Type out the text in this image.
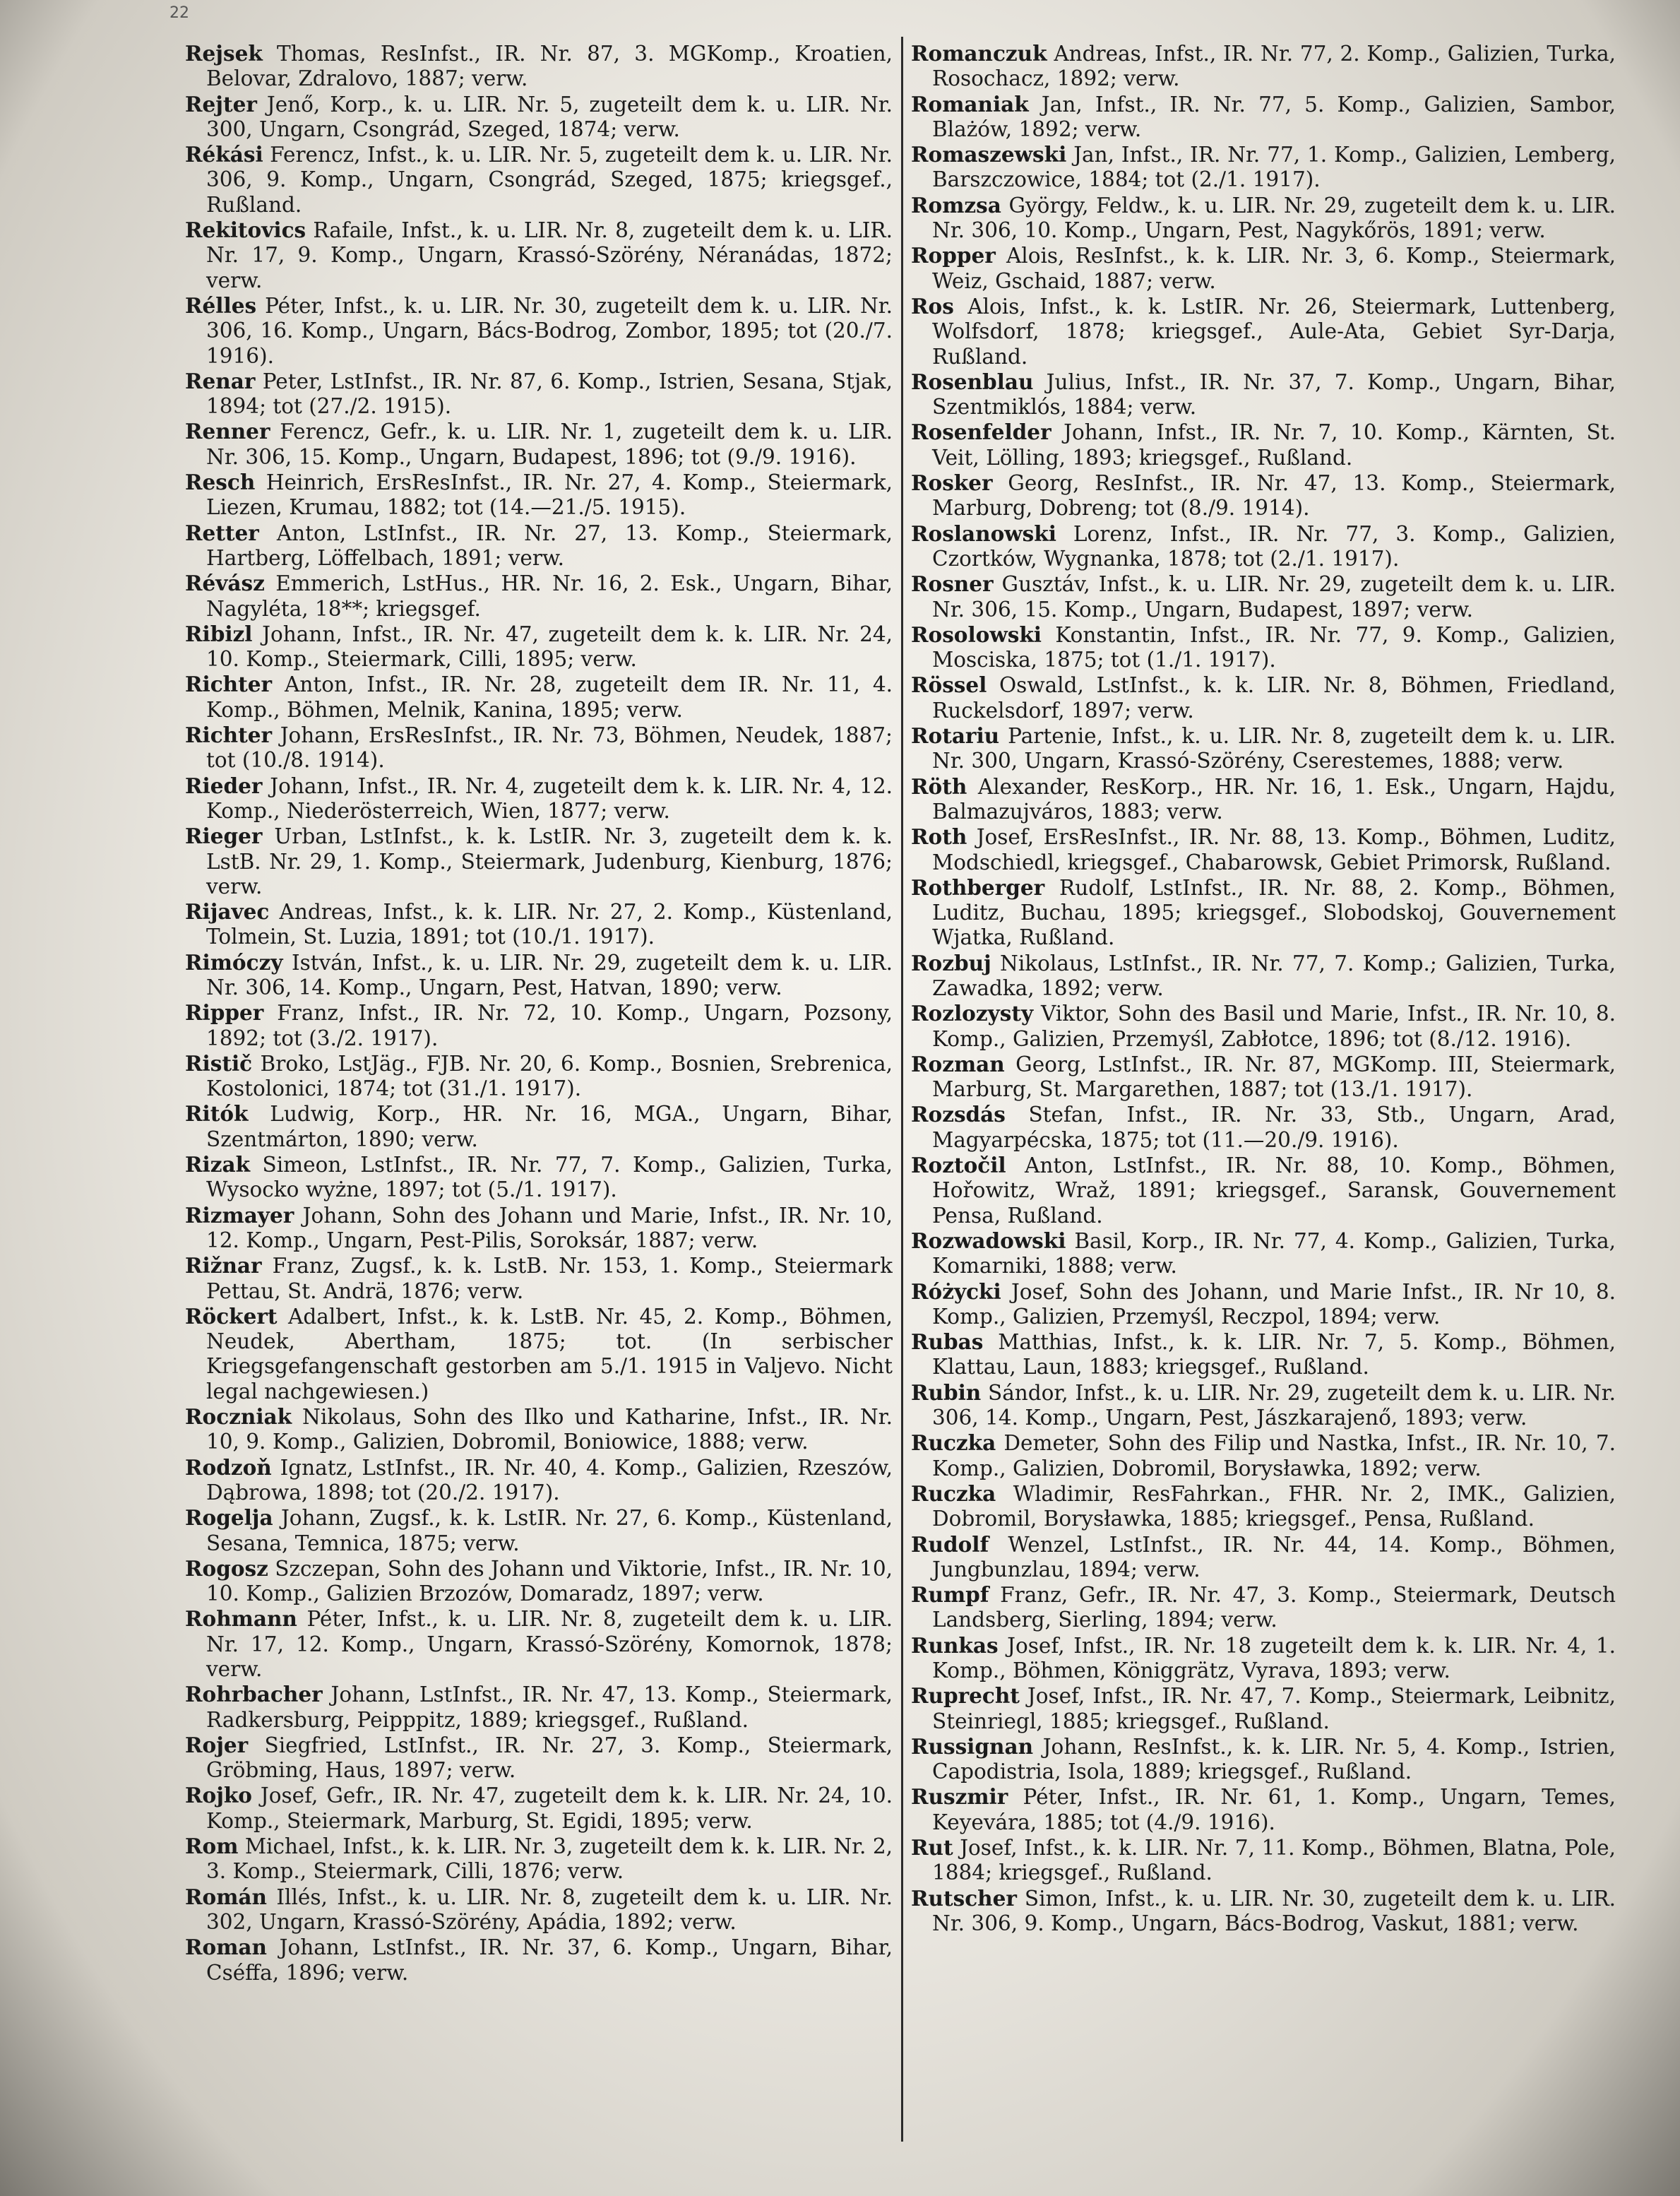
22

Rejsek Thomas, ResInfst., IR. Nr. 87, 3. MGKomp., Kroatien, Belovar, Zdralovo, 1887; verw.

Rejter Jenő, Korp., k. u. LIR. Nr. 5, zugeteilt dem k. u. LIR. Nr. 300, Ungarn, Csongrád, Szeged, 1874; verw.

Rékási Ferencz, Infst., k. u. LIR. Nr. 5, zugeteilt dem k. u. LIR. Nr. 306, 9. Komp., Ungarn, Csongrád, Szeged, 1875; kriegsgef., Rußland.

Rekitovics Rafaile, Infst., k. u. LIR. Nr. 8, zugeteilt dem k. u. LIR. Nr. 17, 9. Komp., Ungarn, Krassó-Szörény, Néranádas, 1872; verw.

Rélles Péter, Infst., k. u. LIR. Nr. 30, zugeteilt dem k. u. LIR. Nr. 306, 16. Komp., Ungarn, Bács-Bodrog, Zombor, 1895; tot (20./7. 1916).

Renar Peter, LstInfst., IR. Nr. 87, 6. Komp., Istrien, Sesana, Stjak, 1894; tot (27./2. 1915).

Renner Ferencz, Gefr., k. u. LIR. Nr. 1, zugeteilt dem k. u. LIR. Nr. 306, 15. Komp., Ungarn, Budapest, 1896; tot (9./9. 1916).

Resch Heinrich, ErsResInfst., IR. Nr. 27, 4. Komp., Steiermark, Liezen, Krumau, 1882; tot (14.—21./5. 1915).

Retter Anton, LstInfst., IR. Nr. 27, 13. Komp., Steiermark, Hartberg, Löffelbach, 1891; verw.

Révász Emmerich, LstHus., HR. Nr. 16, 2. Esk., Ungarn, Bihar, Nagyléta, 18**; kriegsgef.

Ribizl Johann, Infst., IR. Nr. 47, zugeteilt dem k. k. LIR. Nr. 24, 10. Komp., Steiermark, Cilli, 1895; verw.

Richter Anton, Infst., IR. Nr. 28, zugeteilt dem IR. Nr. 11, 4. Komp., Böhmen, Melnik, Kanina, 1895; verw.

Richter Johann, ErsResInfst., IR. Nr. 73, Böhmen, Neudek, 1887; tot (10./8. 1914).

Rieder Johann, Infst., IR. Nr. 4, zugeteilt dem k. k. LIR. Nr. 4, 12. Komp., Niederösterreich, Wien, 1877; verw.

Rieger Urban, LstInfst., k. k. LstIR. Nr. 3, zugeteilt dem k. k. LstB. Nr. 29, 1. Komp., Steiermark, Judenburg, Kienburg, 1876; verw.

Rijavec Andreas, Infst., k. k. LIR. Nr. 27, 2. Komp., Küstenland, Tolmein, St. Luzia, 1891; tot (10./1. 1917).

Rimóczy István, Infst., k. u. LIR. Nr. 29, zugeteilt dem k. u. LIR. Nr. 306, 14. Komp., Ungarn, Pest, Hatvan, 1890; verw.

Ripper Franz, Infst., IR. Nr. 72, 10. Komp., Ungarn, Pozsony, 1892; tot (3./2. 1917).

Ristič Broko, LstJäg., FJB. Nr. 20, 6. Komp., Bosnien, Srebrenica, Kostolonici, 1874; tot (31./1. 1917).

Ritók Ludwig, Korp., HR. Nr. 16, MGA., Ungarn, Bihar, Szentmárton, 1890; verw.

Rizak Simeon, LstInfst., IR. Nr. 77, 7. Komp., Galizien, Turka, Wysocko wyżne, 1897; tot (5./1. 1917).

Rizmayer Johann, Sohn des Johann und Marie, Infst., IR. Nr. 10, 12. Komp., Ungarn, Pest-Pilis, Soroksár, 1887; verw.

Rižnar Franz, Zugsf., k. k. LstB. Nr. 153, 1. Komp., Steiermark Pettau, St. Andrä, 1876; verw.

Röckert Adalbert, Infst., k. k. LstB. Nr. 45, 2. Komp., Böhmen, Neudek, Abertham, 1875; tot. (In serbischer Kriegsgefangenschaft gestorben am 5./1. 1915 in Valjevo. Nicht legal nachgewiesen.)

Roczniak Nikolaus, Sohn des Ilko und Katharine, Infst., IR. Nr. 10, 9. Komp., Galizien, Dobromil, Boniowice, 1888; verw.

Rodzoň Ignatz, LstInfst., IR. Nr. 40, 4. Komp., Galizien, Rzeszów, Dąbrowa, 1898; tot (20./2. 1917).

Rogelja Johann, Zugsf., k. k. LstIR. Nr. 27, 6. Komp., Küstenland, Sesana, Temnica, 1875; verw.

Rogosz Szczepan, Sohn des Johann und Viktorie, Infst., IR. Nr. 10, 10. Komp., Galizien Brzozów, Domaradz, 1897; verw.

Rohmann Péter, Infst., k. u. LIR. Nr. 8, zugeteilt dem k. u. LIR. Nr. 17, 12. Komp., Ungarn, Krassó-Szörény, Komornok, 1878; verw.

Rohrbacher Johann, LstInfst., IR. Nr. 47, 13. Komp., Steiermark, Radkersburg, Peipppitz, 1889; kriegsgef., Rußland.

Rojer Siegfried, LstInfst., IR. Nr. 27, 3. Komp., Steiermark, Gröbming, Haus, 1897; verw.

Rojko Josef, Gefr., IR. Nr. 47, zugeteilt dem k. k. LIR. Nr. 24, 10. Komp., Steiermark, Marburg, St. Egidi, 1895; verw.

Rom Michael, Infst., k. k. LIR. Nr. 3, zugeteilt dem k. k. LIR. Nr. 2, 3. Komp., Steiermark, Cilli, 1876; verw.

Román Illés, Infst., k. u. LIR. Nr. 8, zugeteilt dem k. u. LIR. Nr. 302, Ungarn, Krassó-Szörény, Apádia, 1892; verw.

Roman Johann, LstInfst., IR. Nr. 37, 6. Komp., Ungarn, Bihar, Cséffa, 1896; verw.

Romanczuk Andreas, Infst., IR. Nr. 77, 2. Komp., Galizien, Turka, Rosochacz, 1892; verw.

Romaniak Jan, Infst., IR. Nr. 77, 5. Komp., Galizien, Sambor, Blażów, 1892; verw.

Romaszewski Jan, Infst., IR. Nr. 77, 1. Komp., Galizien, Lemberg, Barszczowice, 1884; tot (2./1. 1917).

Romzsa György, Feldw., k. u. LIR. Nr. 29, zugeteilt dem k. u. LIR. Nr. 306, 10. Komp., Ungarn, Pest, Nagykőrös, 1891; verw.

Ropper Alois, ResInfst., k. k. LIR. Nr. 3, 6. Komp., Steiermark, Weiz, Gschaid, 1887; verw.

Ros Alois, Infst., k. k. LstIR. Nr. 26, Steiermark, Luttenberg, Wolfsdorf, 1878; kriegsgef., Aule-Ata, Gebiet Syr-Darja, Rußland.

Rosenblau Julius, Infst., IR. Nr. 37, 7. Komp., Ungarn, Bihar, Szentmiklós, 1884; verw.

Rosenfelder Johann, Infst., IR. Nr. 7, 10. Komp., Kärnten, St. Veit, Lölling, 1893; kriegsgef., Rußland.

Rosker Georg, ResInfst., IR. Nr. 47, 13. Komp., Steiermark, Marburg, Dobreng; tot (8./9. 1914).

Roslanowski Lorenz, Infst., IR. Nr. 77, 3. Komp., Galizien, Czortków, Wygnanka, 1878; tot (2./1. 1917).

Rosner Gusztáv, Infst., k. u. LIR. Nr. 29, zugeteilt dem k. u. LIR. Nr. 306, 15. Komp., Ungarn, Budapest, 1897; verw.

Rosolowski Konstantin, Infst., IR. Nr. 77, 9. Komp., Galizien, Mosciska, 1875; tot (1./1. 1917).

Rössel Oswald, LstInfst., k. k. LIR. Nr. 8, Böhmen, Friedland, Ruckelsdorf, 1897; verw.

Rotariu Partenie, Infst., k. u. LIR. Nr. 8, zugeteilt dem k. u. LIR. Nr. 300, Ungarn, Krassó-Szörény, Cserestemes, 1888; verw.

Röth Alexander, ResKorp., HR. Nr. 16, 1. Esk., Ungarn, Hajdu, Balmazujváros, 1883; verw.

Roth Josef, ErsResInfst., IR. Nr. 88, 13. Komp., Böhmen, Luditz, Modschiedl, kriegsgef., Chabarowsk, Gebiet Primorsk, Rußland.

Rothberger Rudolf, LstInfst., IR. Nr. 88, 2. Komp., Böhmen, Luditz, Buchau, 1895; kriegsgef., Slobodskoj, Gouvernement Wjatka, Rußland.

Rozbuj Nikolaus, LstInfst., IR. Nr. 77, 7. Komp.; Galizien, Turka, Zawadka, 1892; verw.

Rozlozysty Viktor, Sohn des Basil und Marie, Infst., IR. Nr. 10, 8. Komp., Galizien, Przemyśl, Zabłotce, 1896; tot (8./12. 1916).

Rozman Georg, LstInfst., IR. Nr. 87, MGKomp. III, Steiermark, Marburg, St. Margarethen, 1887; tot (13./1. 1917).

Rozsdás Stefan, Infst., IR. Nr. 33, Stb., Ungarn, Arad, Magyarpécska, 1875; tot (11.—20./9. 1916).

Roztočil Anton, LstInfst., IR. Nr. 88, 10. Komp., Böhmen, Hořowitz, Wraž, 1891; kriegsgef., Saransk, Gouvernement Pensa, Rußland.

Rozwadowski Basil, Korp., IR. Nr. 77, 4. Komp., Galizien, Turka, Komarniki, 1888; verw.

Różycki Josef, Sohn des Johann, und Marie Infst., IR. Nr 10, 8. Komp., Galizien, Przemyśl, Reczpol, 1894; verw.

Rubas Matthias, Infst., k. k. LIR. Nr. 7, 5. Komp., Böhmen, Klattau, Laun, 1883; kriegsgef., Rußland.

Rubin Sándor, Infst., k. u. LIR. Nr. 29, zugeteilt dem k. u. LIR. Nr. 306, 14. Komp., Ungarn, Pest, Jászkarajenő, 1893; verw.

Ruczka Demeter, Sohn des Filip und Nastka, Infst., IR. Nr. 10, 7. Komp., Galizien, Dobromil, Borysławka, 1892; verw.

Ruczka Wladimir, ResFahrkan., FHR. Nr. 2, IMK., Galizien, Dobromil, Borysławka, 1885; kriegsgef., Pensa, Rußland.

Rudolf Wenzel, LstInfst., IR. Nr. 44, 14. Komp., Böhmen, Jungbunzlau, 1894; verw.

Rumpf Franz, Gefr., IR. Nr. 47, 3. Komp., Steiermark, Deutsch Landsberg, Sierling, 1894; verw.

Runkas Josef, Infst., IR. Nr. 18 zugeteilt dem k. k. LIR. Nr. 4, 1. Komp., Böhmen, Königgrätz, Vyrava, 1893; verw.

Ruprecht Josef, Infst., IR. Nr. 47, 7. Komp., Steiermark, Leibnitz, Steinriegl, 1885; kriegsgef., Rußland.

Russignan Johann, ResInfst., k. k. LIR. Nr. 5, 4. Komp., Istrien, Capodistria, Isola, 1889; kriegsgef., Rußland.

Ruszmir Péter, Infst., IR. Nr. 61, 1. Komp., Ungarn, Temes, Keyevára, 1885; tot (4./9. 1916).

Rut Josef, Infst., k. k. LIR. Nr. 7, 11. Komp., Böhmen, Blatna, Pole, 1884; kriegsgef., Rußland.

Rutscher Simon, Infst., k. u. LIR. Nr. 30, zugeteilt dem k. u. LIR. Nr. 306, 9. Komp., Ungarn, Bács-Bodrog, Vaskut, 1881; verw.
